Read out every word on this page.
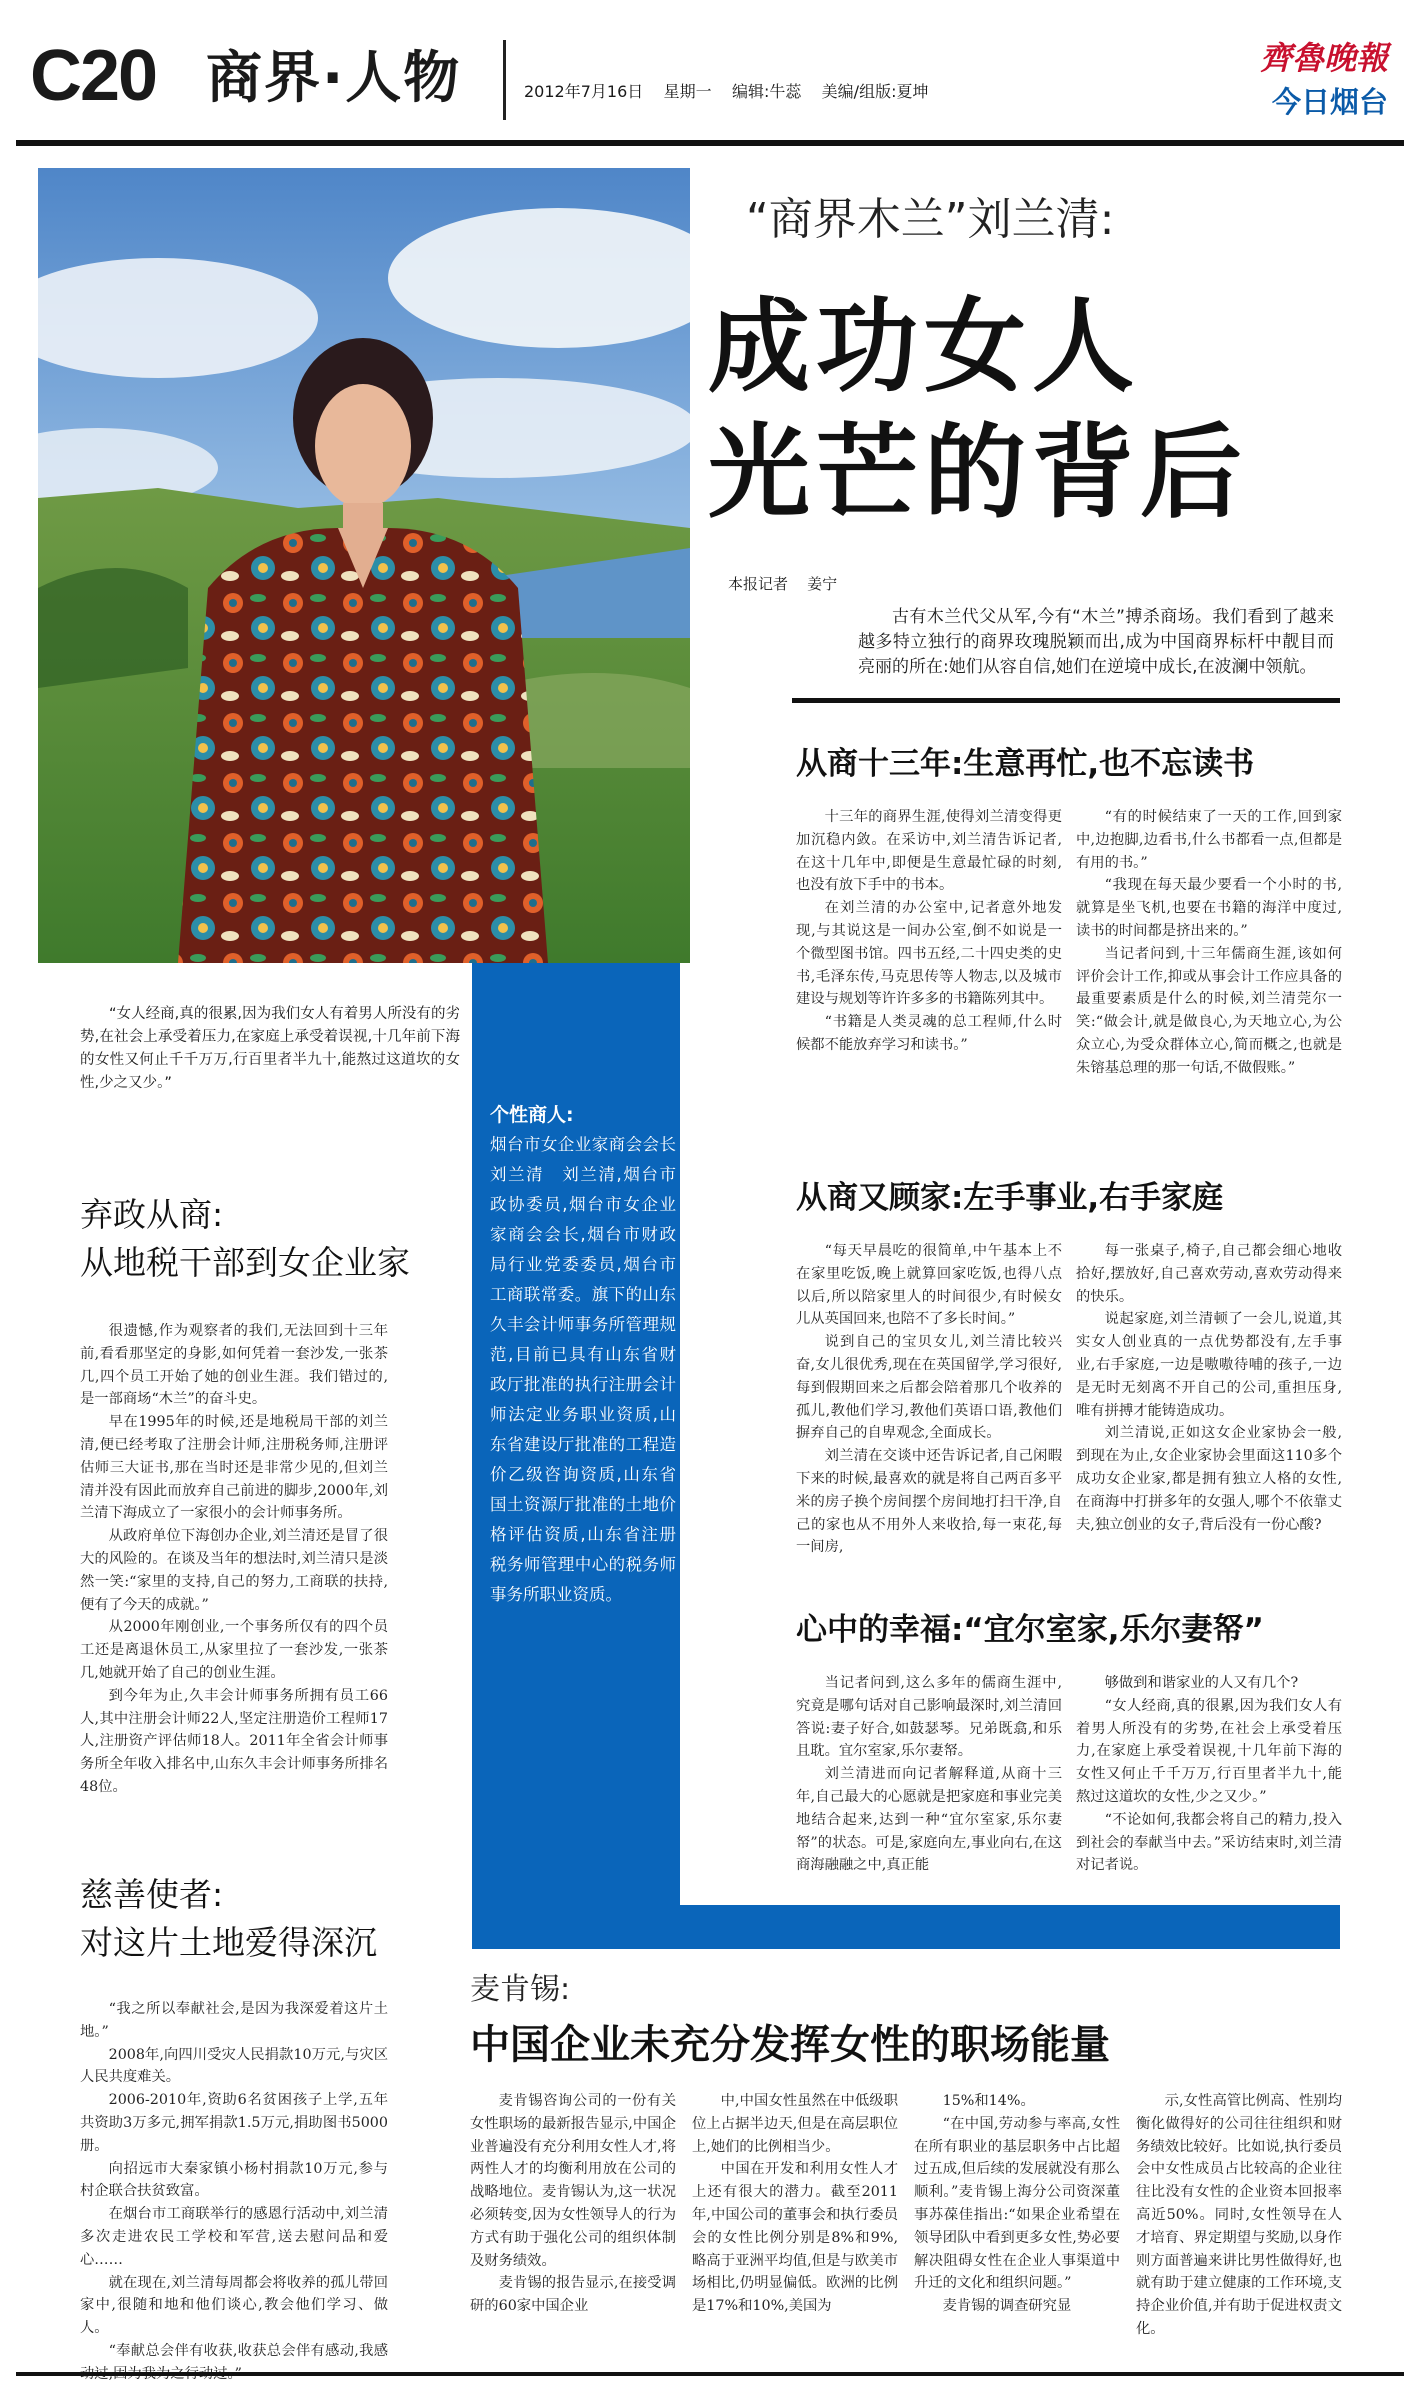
C20 商界·人物	2012年7月16日    星期一    编辑:牛蕊    美编/组版:夏坤
齊魯晚報
今日烟台
“商界木兰”刘兰清:
成功女人
光芒的背后
本报记者    姜宁
古有木兰代父从军,今有“木兰”搏杀商场。我们看到了越来越多特立独行的商界玫瑰脱颖而出,成为中国商界标杆中靓目而亮丽的所在:她们从容自信,她们在逆境中成长,在波澜中领航。
“女人经商,真的很累,因为我们女人有着男人所没有的劣势,在社会上承受着压力,在家庭上承受着误视,十几年前下海的女性又何止千千万万,行百里者半九十,能熬过这道坎的女性,少之又少。”
个性商人:
烟台市女企业家商会会长刘兰清　刘兰清,烟台市政协委员,烟台市女企业家商会会长,烟台市财政局行业党委委员,烟台市工商联常委。旗下的山东久丰会计师事务所管理规范,目前已具有山东省财政厅批准的执行注册会计师法定业务职业资质,山东省建设厅批准的工程造价乙级咨询资质,山东省国土资源厅批准的土地价格评估资质,山东省注册税务师管理中心的税务师事务所职业资质。
弃政从商:
从地税干部到女企业家

很遗憾,作为观察者的我们,无法回到十三年前,看看那坚定的身影,如何凭着一套沙发,一张茶几,四个员工开始了她的创业生涯。我们错过的,是一部商场“木兰”的奋斗史。

早在1995年的时候,还是地税局干部的刘兰清,便已经考取了注册会计师,注册税务师,注册评估师三大证书,那在当时还是非常少见的,但刘兰清并没有因此而放弃自己前进的脚步,2000年,刘兰清下海成立了一家很小的会计师事务所。

从政府单位下海创办企业,刘兰清还是冒了很大的风险的。在谈及当年的想法时,刘兰清只是淡然一笑:“家里的支持,自己的努力,工商联的扶持,便有了今天的成就。”

从2000年刚创业,一个事务所仅有的四个员工还是离退休员工,从家里拉了一套沙发,一张茶几,她就开始了自己的创业生涯。

到今年为止,久丰会计师事务所拥有员工66人,其中注册会计师22人,坚定注册造价工程师17人,注册资产评估师18人。2011年全省会计师事务所全年收入排名中,山东久丰会计师事务所排名48位。

慈善使者:
对这片土地爱得深沉

“我之所以奉献社会,是因为我深爱着这片土地。”

2008年,向四川受灾人民捐款10万元,与灾区人民共度难关。

2006-2010年,资助6名贫困孩子上学,五年共资助3万多元,拥军捐款1.5万元,捐助图书5000册。

向招远市大秦家镇小杨村捐款10万元,参与村企联合扶贫致富。

在烟台市工商联举行的感恩行活动中,刘兰清多次走进农民工学校和军营,送去慰问品和爱心……

就在现在,刘兰清每周都会将收养的孤儿带回家中,很随和地和他们谈心,教会他们学习、做人。

“奉献总会伴有收获,收获总会伴有感动,我感

从商十三年:生意再忙,也不忘读书

十三年的商界生涯,使得刘兰清变得更加沉稳内敛。在采访中,刘兰清告诉记者,在这十几年中,即便是生意最忙碌的时刻,也没有放下手中的书本。

在刘兰清的办公室中,记者意外地发现,与其说这是一间办公室,倒不如说是一个微型图书馆。四书五经,二十四史类的史书,毛泽东传,马克思传等人物志,以及城市建设与规划等许许多多的书籍陈列其中。

“书籍是人类灵魂的总工程师,什么时候都不能放弃学习和读书。”

“有的时候结束了一天的工作,回到家中,边抱脚,边看书,什么书都看一点,但都是有用的书。”

“我现在每天最少要看一个小时的书,就算是坐飞机,也要在书籍的海洋中度过,读书的时间都是挤出来的。”

当记者问到,十三年儒商生涯,该如何评价会计工作,抑或从事会计工作应具备的最重要素质是什么的时候,刘兰清莞尔一笑:“做会计,就是做良心,为天地立心,为公众立心,为受众群体立心,简而概之,也就是朱镕基总理的那一句话,不做假账。”

从商又顾家:左手事业,右手家庭

“每天早晨吃的很简单,中午基本上不在家里吃饭,晚上就算回家吃饭,也得八点以后,所以陪家里人的时间很少,有时候女儿从英国回来,也陪不了多长时间。”

说到自己的宝贝女儿,刘兰清比较兴奋,女儿很优秀,现在在英国留学,学习很好,每到假期回来之后都会陪着那几个收养的孤儿,教他们学习,教他们英语口语,教他们摒弃自己的自卑观念,全面成长。

刘兰清在交谈中还告诉记者,自己闲暇下来的时候,最喜欢的就是将自己两百多平米的房子换个房间摆个房间地打扫干净,自己的家也从不用外人来收拾,每一束花,每一间房,

每一张桌子,椅子,自己都会细心地收拾好,摆放好,自己喜欢劳动,喜欢劳动得来的快乐。

说起家庭,刘兰清顿了一会儿,说道,其实女人创业真的一点优势都没有,左手事业,右手家庭,一边是嗷嗷待哺的孩子,一边是无时无刻离不开自己的公司,重担压身,唯有拼搏才能铸造成功。

刘兰清说,正如这女企业家协会一般,到现在为止,女企业家协会里面这110多个成功女企业家,都是拥有独立人格的女性,在商海中打拼多年的女强人,哪个不依靠丈夫,独立创业的女子,背后没有一份心酸?

心中的幸福:“宜尔室家,乐尔妻帑”

当记者问到,这么多年的儒商生涯中,究竟是哪句话对自己影响最深时,刘兰清回答说:妻子好合,如鼓瑟琴。兄弟既翕,和乐且耽。宜尔室家,乐尔妻帑。

刘兰清进而向记者解释道,从商十三年,自己最大的心愿就是把家庭和事业完美地结合起来,达到一种“宜尔室家,乐尔妻帑”的状态。可是,家庭向左,事业向右,在这商海融融之中,真正能

够做到和谐家业的人又有几个?

“女人经商,真的很累,因为我们女人有着男人所没有的劣势,在社会上承受着压力,在家庭上承受着误视,十几年前下海的女性又何止千千万万,行百里者半九十,能熬过这道坎的女性,少之又少。”

“不论如何,我都会将自己的精力,投入到社会的奉献当中去。”采访结束时,刘兰清对记者说。

麦肯锡:
中国企业未充分发挥女性的职场能量

麦肯锡咨询公司的一份有关女性职场的最新报告显示,中国企业普遍没有充分利用女性人才,将两性人才的均衡利用放在公司的战略地位。麦肯锡认为,这一状况必须转变,因为女性领导人的行为方式有助于强化公司的组织体制及财务绩效。

麦肯锡的报告显示,在接受调研的60家中国企业

中,中国女性虽然在中低级职位上占据半边天,但是在高层职位上,她们的比例相当少。

中国在开发和利用女性人才上还有很大的潜力。截至2011年,中国公司的董事会和执行委员会的女性比例分别是8%和9%,略高于亚洲平均值,但是与欧美市场相比,仍明显偏低。欧洲的比例是17%和10%,美国为

15%和14%。

“在中国,劳动参与率高,女性在所有职业的基层职务中占比超过五成,但后续的发展就没有那么顺利。”麦肯锡上海分公司资深董事苏葆佳指出:“如果企业希望在领导团队中看到更多女性,势必要解决阻碍女性在企业人事渠道中升迁的文化和组织问题。”

麦肯锡的调查研究显

示,女性高管比例高、性别均衡化做得好的公司往往组织和财务绩效比较好。比如说,执行委员会中女性成员占比较高的企业往往比没有女性的企业资本回报率高近50%。同时,女性领导在人才培育、界定期望与奖励,以身作则方面普遍来讲比男性做得好,也就有助于建立健康的工作环境,支持企业价值,并有助于促进权责文化。
